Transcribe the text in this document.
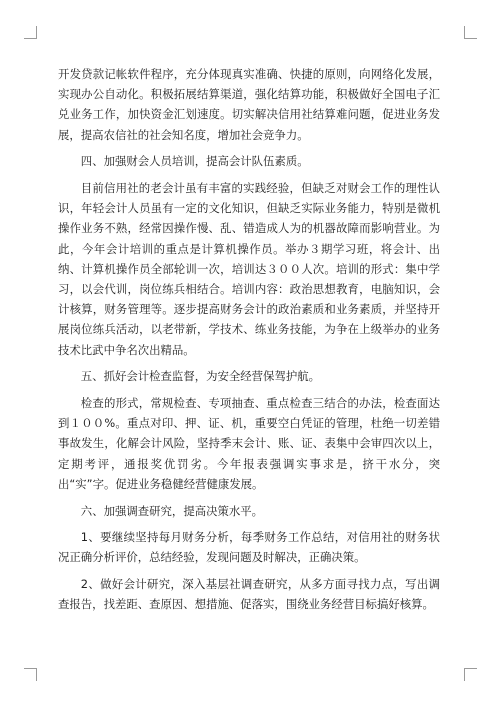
开发贷款记帐软件程序，充分体现真实准确、快捷的原则，向网络化发展，实现办公自动化。积极拓展结算渠道，强化结算功能，积极做好全国电子汇兑业务工作，加快资金汇划速度。切实解决信用社结算难问题，促进业务发展，提高农信社的社会知名度，增加社会竞争力。

四、加强财会人员培训，提高会计队伍素质。

目前信用社的老会计虽有丰富的实践经验，但缺乏对财会工作的理性认识，年轻会计人员虽有一定的文化知识，但缺乏实际业务能力，特别是微机操作业务不熟，经常因操作慢、乱、错造成人为的机器故障而影响营业。为此，今年会计培训的重点是计算机操作员。举办３期学习班，将会计、出纳、计算机操作员全部轮训一次，培训达３００人次。培训的形式：集中学习，以会代训，岗位练兵相结合。培训内容：政治思想教育，电脑知识，会计核算，财务管理等。逐步提高财务会计的政治素质和业务素质，并坚持开展岗位练兵活动，以老带新，学技术、练业务技能，为争在上级举办的业务技术比武中争名次出精品。

五、抓好会计检查监督，为安全经营保驾护航。

检查的形式，常规检查、专项抽查、重点检查三结合的办法，检查面达到１００%。重点对印、押、证、机，重要空白凭证的管理，杜绝一切差错事故发生，化解会计风险，坚持季末会计、账、证、表集中会审四次以上，定期考评，通报奖优罚劣。今年报表强调实事求是，挤干水分，突出“实”字。促进业务稳健经营健康发展。

六、加强调查研究，提高决策水平。

1、要继续坚持每月财务分析，每季财务工作总结，对信用社的财务状况正确分析评价，总结经验，发现问题及时解决，正确决策。

2、做好会计研究，深入基层社调查研究，从多方面寻找力点，写出调查报告，找差距、查原因、想措施、促落实，围绕业务经营目标搞好核算。
